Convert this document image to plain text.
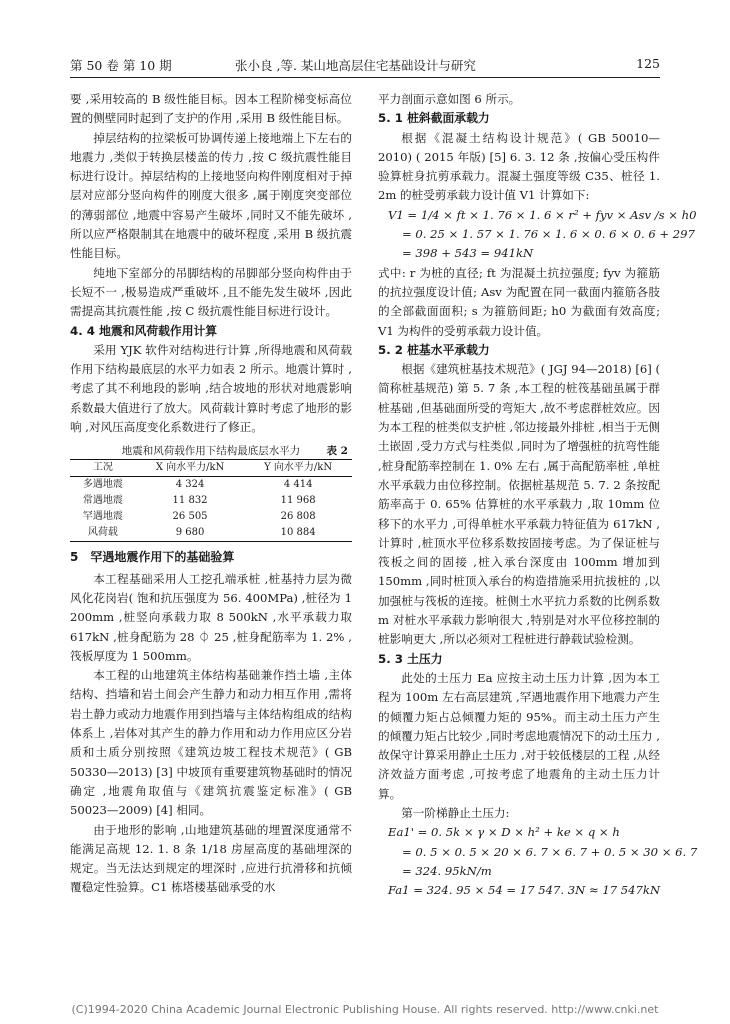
第 50 卷 第 10 期	张小良 ,等. 某山地高层住宅基础设计与研究	125

要 ,采用较高的 B 级性能目标。因本工程阶梯变标高位置的侧壁同时起到了支护的作用 ,采用 B 级性能目标。

掉层结构的拉梁板可协调传递上接地端上下左右的地震力 ,类似于转换层楼盖的传力 ,按 C 级抗震性能目标进行设计。掉层结构的上接地竖向构件刚度相对于掉层对应部分竖向构件的刚度大很多 ,属于刚度突变部位的薄弱部位 ,地震中容易产生破坏 ,同时又不能先破坏 ,所以应严格限制其在地震中的破坏程度 ,采用 B 级抗震性能目标。

纯地下室部分的吊脚结构的吊脚部分竖向构件由于长短不一 ,极易造成严重破坏 ,且不能先发生破坏 ,因此需提高其抗震性能 ,按 C 级抗震性能目标进行设计。

4. 4 地震和风荷载作用计算

采用 YJK 软件对结构进行计算 ,所得地震和风荷载作用下结构最底层的水平力如表 2 所示。地震计算时 ,考虑了其不利地段的影响 ,结合坡地的形状对地震影响系数最大值进行了放大。风荷载计算时考虑了地形的影响 ,对风压高度变化系数进行了修正。

地震和风荷载作用下结构最底层水平力	表 2
工况	X 向水平力/kN	Y 向水平力/kN
多遇地震	4 324	4 414
常遇地震	11 832	11 968
罕遇地震	26 505	26 808
风荷载	9 680	10 884
5　罕遇地震作用下的基础验算

本工程基础采用人工挖孔端承桩 ,桩基持力层为微风化花岗岩( 饱和抗压强度为 56. 400MPa) ,桩径为 1 200mm ,桩竖向承载力取 8 500kN ,水平承载力取 617kN ,桩身配筋为 28 ⏀ 25 ,桩身配筋率为 1. 2% ,筏板厚度为 1 500mm。

本工程的山地建筑主体结构基础兼作挡土墙 ,主体结构、挡墙和岩土间会产生静力和动力相互作用 ,需将岩土静力或动力地震作用到挡墙与主体结构组成的结构体系上 ,岩体对其产生的静力作用和动力作用应区分岩质和土质分别按照《建筑边坡工程技术规范》( GB 50330—2013) [3] 中坡顶有重要建筑物基础时的情况确定 ,地震角取值与《建筑抗震鉴定标准》( GB 50023—2009) [4] 相同。

由于地形的影响 ,山地建筑基础的埋置深度通常不能满足高规 12. 1. 8 条 1/18 房屋高度的基础埋深的规定。当无法达到规定的埋深时 ,应进行抗滑移和抗倾覆稳定性验算。C1 栋塔楼基础承受的水

平力剖面示意如图 6 所示。

5. 1 桩斜截面承载力

根据《混凝土结构设计规范》( GB 50010—2010) ( 2015 年版) [5] 6. 3. 12 条 ,按偏心受压构件验算桩身抗剪承载力。混凝土强度等级 C35、桩径 1. 2m 的桩受剪承载力设计值 V1 计算如下:

V1 = 1/4 × ft × 1. 76 × 1. 6 × r² + fyv × Asv /s × h0
= 0. 25 × 1. 57 × 1. 76 × 1. 6 × 0. 6 × 0. 6 + 297
= 398 + 543 = 941kN

式中: r 为桩的直径; ft 为混凝土抗拉强度; fyv 为箍筋的抗拉强度设计值; Asv 为配置在同一截面内箍筋各肢的全部截面面积; s 为箍筋间距; h0 为截面有效高度; V1 为构件的受剪承载力设计值。

5. 2 桩基水平承载力

根据《建筑桩基技术规范》( JGJ 94—2018) [6] ( 简称桩基规范) 第 5. 7 条 ,本工程的桩筏基础虽属于群桩基础 ,但基础面所受的弯矩大 ,故不考虑群桩效应。因为本工程的桩类似支护桩 ,邻边接最外排桩 ,相当于无侧土嵌固 ,受力方式与柱类似 ,同时为了增强桩的抗弯性能 ,桩身配筋率控制在 1. 0% 左右 ,属于高配筋率桩 ,单桩水平承载力由位移控制。依据桩基规范 5. 7. 2 条按配筋率高于 0. 65% 估算桩的水平承载力 ,取 10mm 位移下的水平力 ,可得单桩水平承载力特征值为 617kN ,计算时 ,桩顶水平位移系数按固接考虑。为了保证桩与筏板之间的固接 ,桩入承台深度由 100mm 增加到 150mm ,同时桩顶入承台的构造措施采用抗拔桩的 ,以加强桩与筏板的连接。桩侧土水平抗力系数的比例系数 m 对桩水平承载力影响很大 ,特别是对水平位移控制的桩影响更大 ,所以必须对工程桩进行静载试验检测。

5. 3 土压力

此处的土压力 Ea 应按主动土压力计算 ,因为本工程为 100m 左右高层建筑 ,罕遇地震作用下地震力产生的倾覆力矩占总倾覆力矩的 95%。而主动土压力产生的倾覆力矩占比较少 ,同时考虑地震情况下的动土压力 ,故保守计算采用静止土压力 ,对于较低楼层的工程 ,从经济效益方面考虑 ,可按考虑了地震角的主动土压力计算。

第一阶梯静止土压力:

Ea1' = 0. 5k × γ × D × h² + ke × q × h
= 0. 5 × 0. 5 × 20 × 6. 7 × 6. 7 + 0. 5 × 30 × 6. 7
= 324. 95kN/m
Fa1 = 324. 95 × 54 = 17 547. 3N ≈ 17 547kN
(C)1994-2020 China Academic Journal Electronic Publishing House. All rights reserved. http://www.cnki.net
